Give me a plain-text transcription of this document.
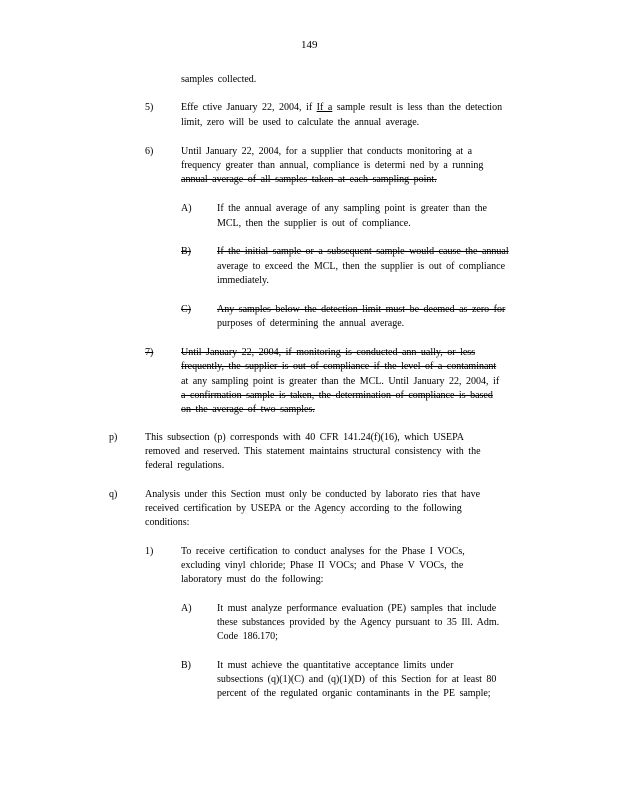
149
samples collected.
5)	Effe ctive January 22, 2004, if If a sample result is less than the detection
limit, zero will be used to calculate the annual average.
6)	Until January 22, 2004, for a supplier that conducts monitoring at a
frequency greater than annual, compliance is determi ned by a running
annual average of all samples taken at each sampling point.
A)	If the annual average of any sampling point is greater than the
MCL, then the supplier is out of compliance.
B)	If the initial sample or a subsequent sample would cause the annual
average to exceed the MCL, then the supplier is out of compliance
immediately.
C)	Any samples below the detection limit must be deemed as zero for
purposes of determining the annual average.
7)	Until January 22, 2004, if monitoring is conducted ann ually, or less
frequently, the supplier is out of compliance if the level of a contaminant
at any sampling point is greater than the MCL. Until January 22, 2004, if
a confirmation sample is taken, the determination of compliance is based
on the average of two samples.
p)	This subsection (p) corresponds with 40 CFR 141.24(f)(16), which USEPA
removed and reserved. This statement maintains structural consistency with the
federal regulations.
q)	Analysis under this Section must only be conducted by laborato ries that have
received certification by USEPA or the Agency according to the following
conditions:
1)	To receive certification to conduct analyses for the Phase I VOCs,
excluding vinyl chloride; Phase II VOCs; and Phase V VOCs, the
laboratory must do the following:
A)	It must analyze performance evaluation (PE) samples that include
these substances provided by the Agency pursuant to 35 Ill. Adm.
Code 186.170;
B)	It must achieve the quantitative acceptance limits under
subsections (q)(1)(C) and (q)(1)(D) of this Section for at least 80
percent of the regulated organic contaminants in the PE sample;
